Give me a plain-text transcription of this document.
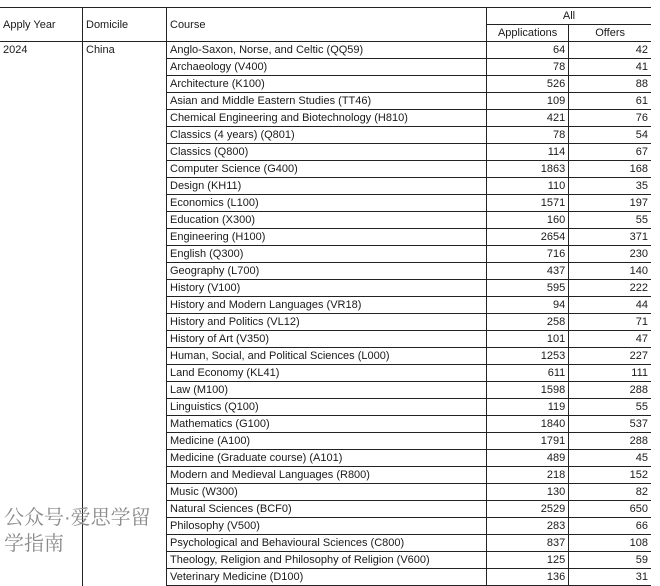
Apply Year	Domicile	Course	All	
			Applications	Offers
2024	China	Anglo-Saxon, Norse, and Celtic (QQ59)	64	42
		Archaeology (V400)	78	41
		Architecture (K100)	526	88
		Asian and Middle Eastern Studies (TT46)	109	61
		Chemical Engineering and Biotechnology (H810)	421	76
		Classics (4 years) (Q801)	78	54
		Classics (Q800)	114	67
		Computer Science (G400)	1863	168
		Design (KH11)	110	35
		Economics (L100)	1571	197
		Education (X300)	160	55
		Engineering (H100)	2654	371
		English (Q300)	716	230
		Geography (L700)	437	140
		History (V100)	595	222
		History and Modern Languages (VR18)	94	44
		History and Politics (VL12)	258	71
		History of Art (V350)	101	47
		Human, Social, and Political Sciences (L000)	1253	227
		Land Economy (KL41)	611	111
		Law (M100)	1598	288
		Linguistics (Q100)	119	55
		Mathematics (G100)	1840	537
		Medicine (A100)	1791	288
		Medicine (Graduate course) (A101)	489	45
		Modern and Medieval Languages (R800)	218	152
		Music (W300)	130	82
		Natural Sciences (BCF0)	2529	650
		Philosophy (V500)	283	66
		Psychological and Behavioural Sciences (C800)	837	108
		Theology, Religion and Philosophy of Religion (V600)	125	59
		Veterinary Medicine (D100)	136	31
公众号·爱思学留学指南
